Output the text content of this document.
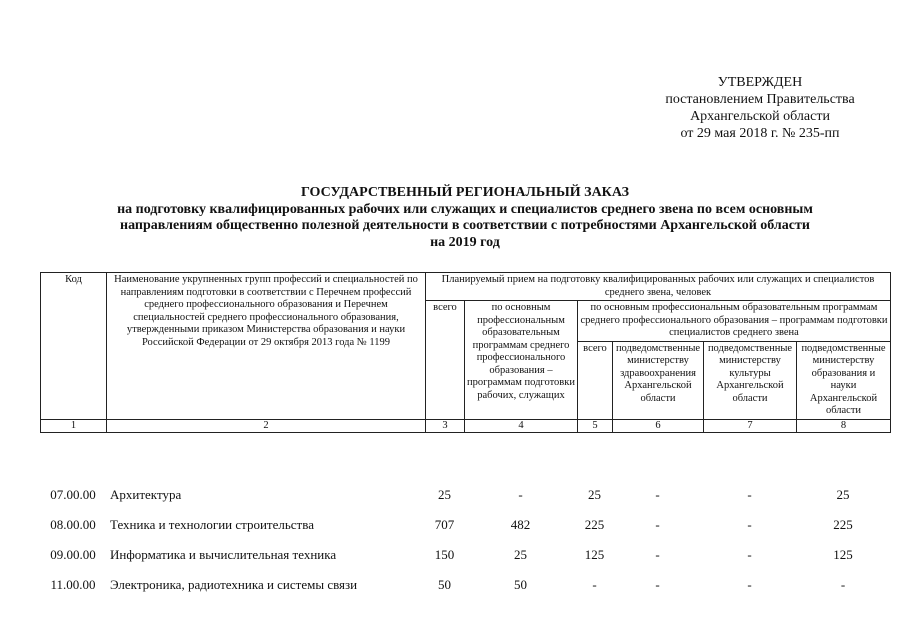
УТВЕРЖДЕН
постановлением Правительства
Архангельской области
от 29 мая 2018 г. № 235-пп
ГОСУДАРСТВЕННЫЙ РЕГИОНАЛЬНЫЙ ЗАКАЗ
на подготовку квалифицированных рабочих или служащих и специалистов среднего звена по всем основным
направлениям общественно полезной деятельности в соответствии с потребностями Архангельской области
на 2019 год
Код	Наименование укрупненных групп профессий и специальностей по направлениям подготовки в соответствии с Перечнем профессий среднего профессионального образования и Перечнем специальностей среднего профессионального образования, утвержденными приказом Министерства образования и науки Российской Федерации от 29 октября 2013 года № 1199	Планируемый прием на подготовку квалифицированных рабочих или служащих и специалистов среднего звена, человек					
		всего	по основным профессиональным образовательным программам среднего профессионального образования – программам подготовки рабочих, служащих	по основным профессиональным образовательным программам среднего профессионального образования – программам подготовки специалистов среднего звена			
				всего	подведомственные министерству здравоохранения Архангельской области	подведомственные министерству культуры Архангельской области	подведомственные министерству образования и науки Архангельской области
1	2	3	4	5	6	7	8
07.00.00	Архитектура	25	-	25	-	-	25
08.00.00	Техника и технологии строительства	707	482	225	-	-	225
09.00.00	Информатика и вычислительная техника	150	25	125	-	-	125
11.00.00	Электроника, радиотехника и системы связи	50	50	-	-	-	-
